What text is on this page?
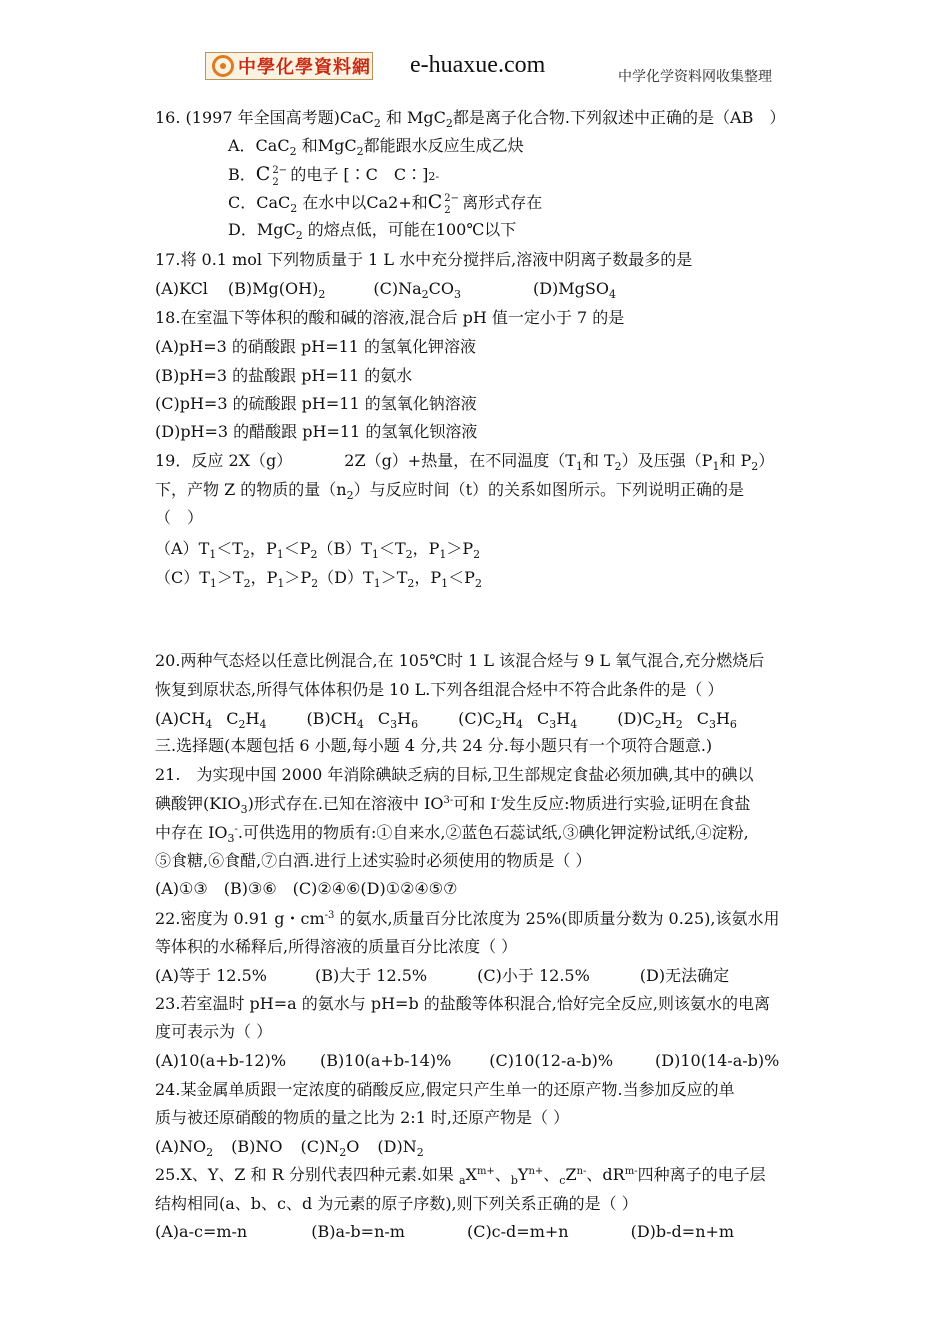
中學化學資料網 e-huaxue.com	中学化学资料网收集整理
16. (1997 年全国高考题)CaC$_2$ 和 MgC$_2$都是离子化合物.下列叙述中正确的是（AB　）
A．CaC$_2$ 和MgC$_2$都能跟水反应生成乙炔
B．C 2−
2 的电子 [∶C　C∶]2-
C．CaC$_2$ 在水中以Ca2+和C 2−
2 离形式存在
D．MgC$_2$ 的熔点低，可能在100℃以下
17.将 0.1 mol 下列物质量于 1 L 水中充分搅拌后,溶液中阴离子数最多的是
(A)KCl $(B)Mg(OH)_2$	$(C)Na_2CO_3$	(D)MgSO$_4$
18.在室温下等体积的酸和碱的溶液,混合后 pH 值一定小于 7 的是
(A)pH=3 的硝酸跟 pH=11 的氢氧化钾溶液
(B)pH=3 的盐酸跟 pH=11 的氨水
(C)pH=3 的硫酸跟 pH=11 的氢氧化钠溶液
(D)pH=3 的醋酸跟 pH=11 的氢氧化钡溶液
19．反应 2X（g）	2Z（g）+热量，在不同温度（$T_1$和 $T_2$）及压强（$P_1$和 $P_2$）
下，产物 Z 的物质的量$(n_2)$与反应时间（t）的关系如图所示。下列说明正确的是
（　）
$(A)T_1<T_2$，$P_1<P_2(B)T_1<T_2$，$P_1>P_2$
$(C)T_1>T_2$，$P_1>P_2(D)T_1>T_2$，$P_1<P_2$
20.两种气态烃以任意比例混合,在 105℃时 1 L 该混合烃与 9 L 氧气混合,充分燃烧后
恢复到原状态,所得气体体积仍是 10 L.下列各组混合烃中不符合此条件的是（ ）
$(A)CH_4$ $C_2H_4$	$(B)CH_4$ $C_3H_6$	$(C)C_2H_4$ $C_3H_4$	$(D)C_2H_2$ $C_3H_6$
三.选择题(本题包括 6 小题,每小题 4 分,共 24 分.每小题只有一个项符合题意.)
21.　为实现中国 2000 年消除碘缺乏病的目标,卫生部规定食盐必须加碘,其中的碘以
碘酸钾$(KIO_3)$形式存在.已知在溶液中 $IO^{3-}$可和 I-发生反应:物质进行实验,证明在食盐
中存在 $IO_3^-$.可供选用的物质有:①自来水,②蓝色石蕊试纸,③碘化钾淀粉试纸,④淀粉,
⑤食糖,⑥食醋,⑦白酒.进行上述实验时必须使用的物质是（ ）
(A)①③　(B)③⑥　(C)②④⑥(D)①②④⑤⑦
22.密度为 0.91 g・$cm^{-3}$ 的氨水,质量百分比浓度为 25%(即质量分数为 0.25),该氨水用
等体积的水稀释后,所得溶液的质量百分比浓度（ ）
(A)等于 12.5%	(B)大于 12.5%	(C)小于 12.5%	(D)无法确定
23.若室温时 pH=a 的氨水与 pH=b 的盐酸等体积混合,恰好完全反应,则该氨水的电离
度可表示为（ ）
(A)10(a+b-12)% (B)10(a+b-14)% (C)10(12-a-b)%	(D)10(14-a-b)%
24.某金属单质跟一定浓度的硝酸反应,假定只产生单一的还原产物.当参加反应的单
质与被还原硝酸的物质的量之比为 2:1 时,还原产物是（ ）
$(A)NO_2$ (B)NO $(C)N_2O$ $(D)N_2$
25.X、Y、Z 和 R 分别代表四种元素.如果 $_aX^{m+}$、$_bY^{n+}$、$_cZ^{n-}$、$dR^{m-}$四种离子的电子层
结构相同(a、b、c、d 为元素的原子序数),则下列关系正确的是（ ）
(A)a-c=m-n	(B)a-b=n-m	(C)c-d=m+n	(D)b-d=n+m
